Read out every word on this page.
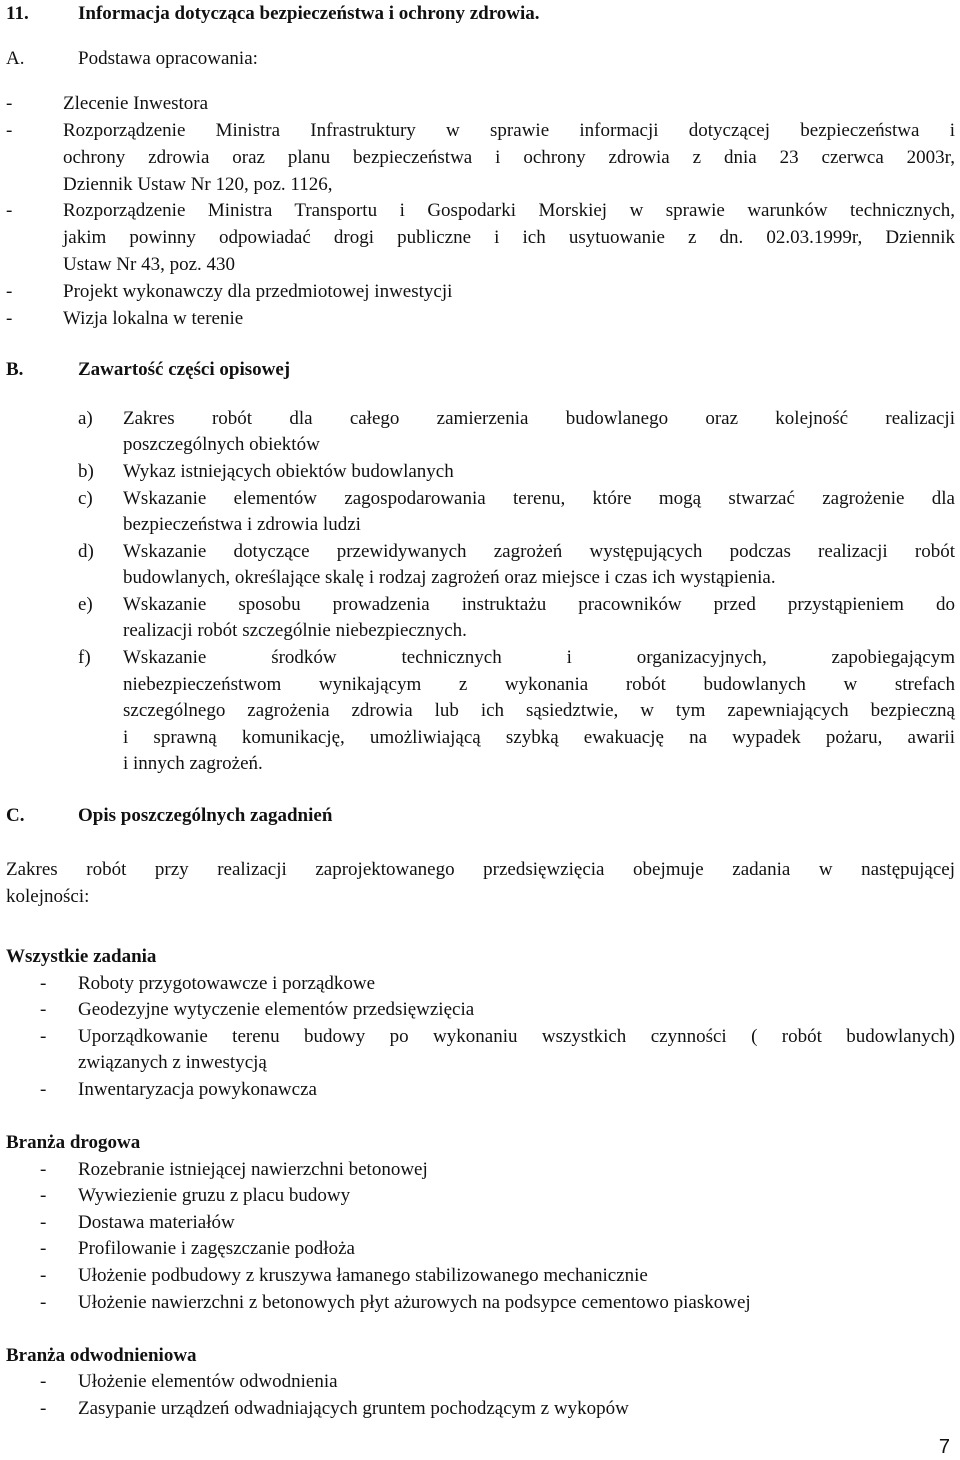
11.	Informacja dotycząca bezpieczeństwa i ochrony zdrowia.
A.	Podstawa opracowania:
-	Zlecenie Inwestora
-	Rozporządzenie Ministra Infrastruktury w sprawie informacji dotyczącej bezpieczeństwa i
ochrony zdrowia oraz planu bezpieczeństwa i ochrony zdrowia z dnia 23 czerwca 2003r,
Dziennik Ustaw Nr 120, poz. 1126,
-	Rozporządzenie Ministra Transportu i Gospodarki Morskiej w sprawie warunków technicznych,
jakim powinny odpowiadać drogi publiczne i ich usytuowanie z dn. 02.03.1999r, Dziennik
Ustaw Nr 43, poz. 430
-	Projekt wykonawczy dla przedmiotowej inwestycji
-	Wizja lokalna w terenie
B.	Zawartość części opisowej
a) Zakres robót dla całego zamierzenia budowlanego oraz kolejność realizacji
poszczególnych obiektów
b) Wykaz istniejących obiektów budowlanych
c) Wskazanie elementów zagospodarowania terenu, które mogą stwarzać zagrożenie dla
bezpieczeństwa i zdrowia ludzi
d) Wskazanie dotyczące przewidywanych zagrożeń występujących podczas realizacji robót
budowlanych, określające skalę i rodzaj zagrożeń oraz miejsce i czas ich wystąpienia.
e) Wskazanie sposobu prowadzenia instruktażu pracowników przed przystąpieniem do
realizacji robót szczególnie niebezpiecznych.
f) Wskazanie środków technicznych i organizacyjnych, zapobiegającym
niebezpieczeństwom wynikającym z wykonania robót budowlanych w strefach
szczególnego zagrożenia zdrowia lub ich sąsiedztwie, w tym zapewniających bezpieczną
i sprawną komunikację, umożliwiającą szybką ewakuację na wypadek pożaru, awarii
i innych zagrożeń.
C.	Opis poszczególnych zagadnień
Zakres robót przy realizacji zaprojektowanego przedsięwzięcia obejmuje zadania w następującej
kolejności:
Wszystkie zadania
- Roboty przygotowawcze i porządkowe
- Geodezyjne wytyczenie elementów przedsięwzięcia
- Uporządkowanie terenu budowy po wykonaniu wszystkich czynności ( robót budowlanych)
związanych z inwestycją
- Inwentaryzacja powykonawcza
Branża drogowa
- Rozebranie istniejącej nawierzchni betonowej
- Wywiezienie gruzu z placu budowy
- Dostawa materiałów
- Profilowanie i zagęszczanie podłoża
- Ułożenie podbudowy z kruszywa łamanego stabilizowanego mechanicznie
- Ułożenie nawierzchni z betonowych płyt ażurowych na podsypce cementowo piaskowej
Branża odwodnieniowa
- Ułożenie elementów odwodnienia
- Zasypanie urządzeń odwadniających gruntem pochodzącym z wykopów
7
